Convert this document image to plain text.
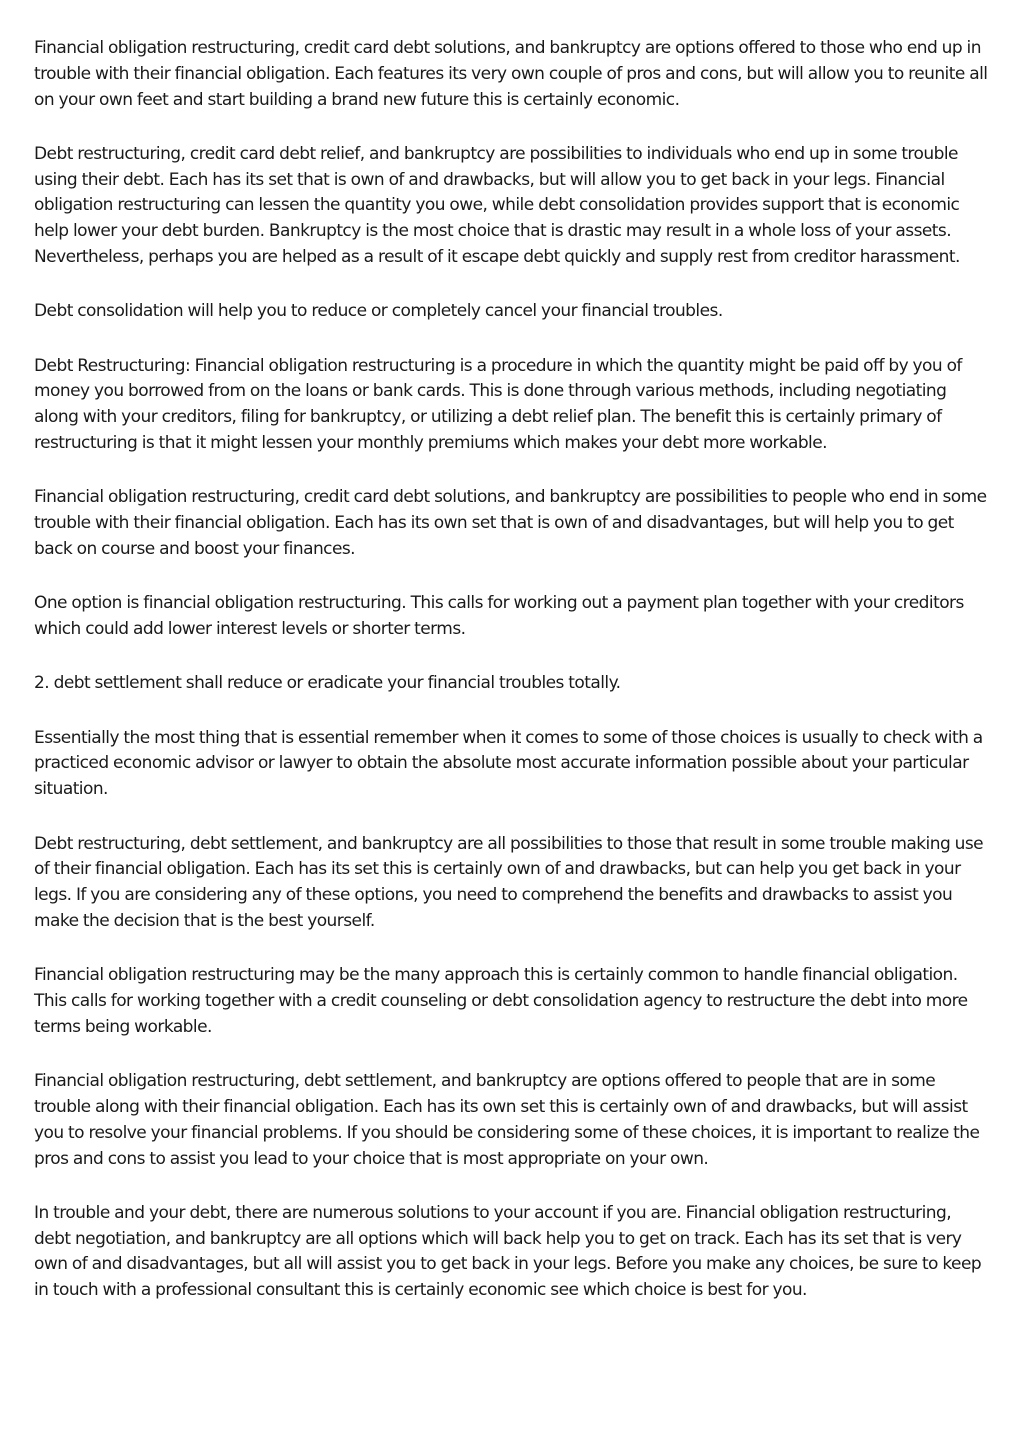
Financial obligation restructuring, credit card debt solutions, and bankruptcy are options offered to those who end up in trouble with their financial obligation. Each features its very own couple of pros and cons, but will allow you to reunite all on your own feet and start building a brand new future this is certainly economic.

Debt restructuring, credit card debt relief, and bankruptcy are possibilities to individuals who end up in some trouble using their debt. Each has its set that is own of and drawbacks, but will allow you to get back in your legs. Financial obligation restructuring can lessen the quantity you owe, while debt consolidation provides support that is economic help lower your debt burden. Bankruptcy is the most choice that is drastic may result in a whole loss of your assets. Nevertheless, perhaps you are helped as a result of it escape debt quickly and supply rest from creditor harassment.

Debt consolidation will help you to reduce or completely cancel your financial troubles.

Debt Restructuring: Financial obligation restructuring is a procedure in which the quantity might be paid off by you of money you borrowed from on the loans or bank cards. This is done through various methods, including negotiating along with your creditors, filing for bankruptcy, or utilizing a debt relief plan. The benefit this is certainly primary of restructuring is that it might lessen your monthly premiums which makes your debt more workable.

Financial obligation restructuring, credit card debt solutions, and bankruptcy are possibilities to people who end in some trouble with their financial obligation. Each has its own set that is own of and disadvantages, but will help you to get back on course and boost your finances.

One option is financial obligation restructuring. This calls for working out a payment plan together with your creditors which could add lower interest levels or shorter terms.

2. debt settlement shall reduce or eradicate your financial troubles totally.

Essentially the most thing that is essential remember when it comes to some of those choices is usually to check with a practiced economic advisor or lawyer to obtain the absolute most accurate information possible about your particular situation.

Debt restructuring, debt settlement, and bankruptcy are all possibilities to those that result in some trouble making use of their financial obligation. Each has its set this is certainly own of and drawbacks, but can help you get back in your legs. If you are considering any of these options, you need to comprehend the benefits and drawbacks to assist you make the decision that is the best yourself.

Financial obligation restructuring may be the many approach this is certainly common to handle financial obligation. This calls for working together with a credit counseling or debt consolidation agency to restructure the debt into more terms being workable.

Financial obligation restructuring, debt settlement, and bankruptcy are options offered to people that are in some trouble along with their financial obligation. Each has its own set this is certainly own of and drawbacks, but will assist you to resolve your financial problems. If you should be considering some of these choices, it is important to realize the pros and cons to assist you lead to your choice that is most appropriate on your own.

In trouble and your debt, there are numerous solutions to your account if you are. Financial obligation restructuring, debt negotiation, and bankruptcy are all options which will back help you to get on track. Each has its set that is very own of and disadvantages, but all will assist you to get back in your legs. Before you make any choices, be sure to keep in touch with a professional consultant this is certainly economic see which choice is best for you.
